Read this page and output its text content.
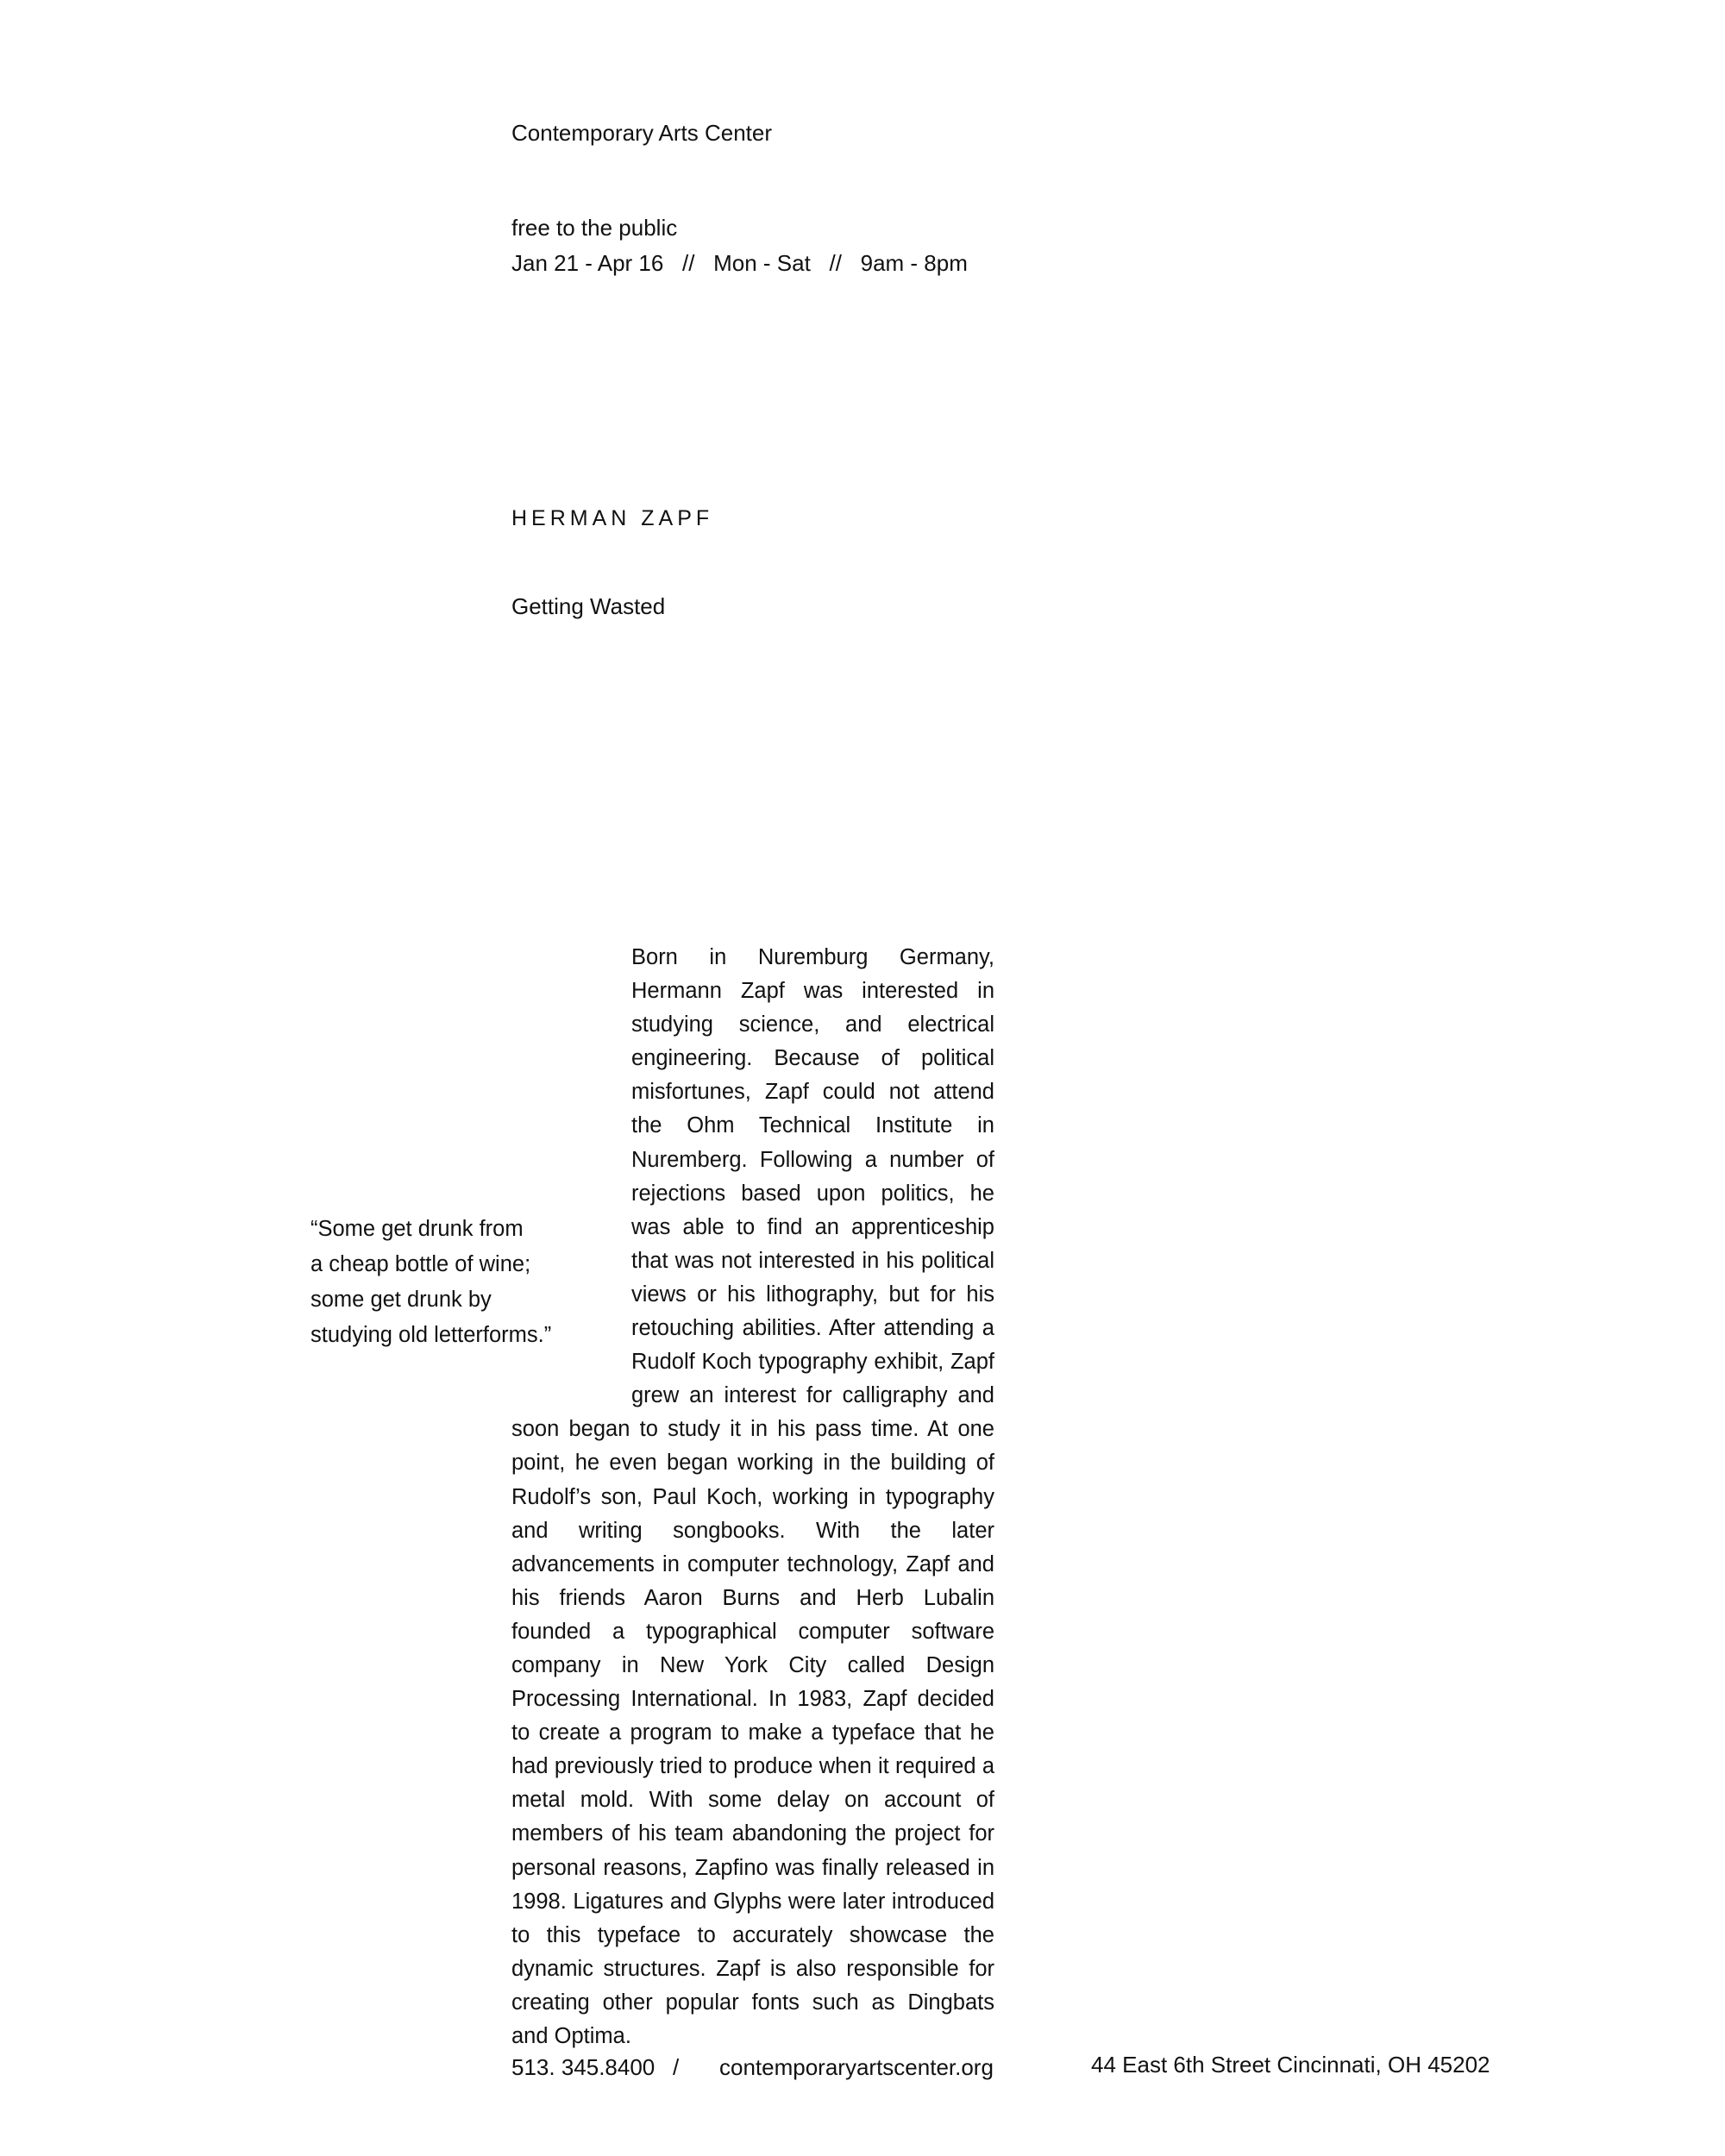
Contemporary Arts Center
free to the public
Jan 21 - Apr 16   //   Mon - Sat   //   9am - 8pm
HERMAN ZAPF
Getting Wasted
Born in Nuremburg Germany, Hermann Zapf was interested in studying science, and electrical engineering. Because of political misfortunes, Zapf could not attend the Ohm Technical Institute in Nuremberg. Following a number of rejections based upon politics, he was able to find an apprenticeship that was not interested in his political views or his lithography, but for his retouching abilities. After attending a Rudolf Koch typography exhibit, Zapf grew an interest for calligraphy and soon began to study it in his pass time. At one point, he even began working in the building of Rudolf’s son, Paul Koch, working in typography and writing songbooks. With the later advancements in computer technology, Zapf and his friends Aaron Burns and Herb Lubalin founded a typographical computer software company in New York City called Design Processing International. In 1983, Zapf decided to create a program to make a typeface that he had previously tried to produce when it required a metal mold. With some delay on account of members of his team abandoning the project for personal reasons, Zapfino was finally released in 1998. Ligatures and Glyphs were later introduced to this typeface to accurately showcase the dynamic structures. Zapf is also responsible for creating other popular fonts such as Dingbats and Optima.
“Some get drunk from
a cheap bottle of wine;
some get drunk by
studying old letterforms.”
513. 345.8400 / contemporaryartscenter.org	44 East 6th Street Cincinnati, OH 45202
